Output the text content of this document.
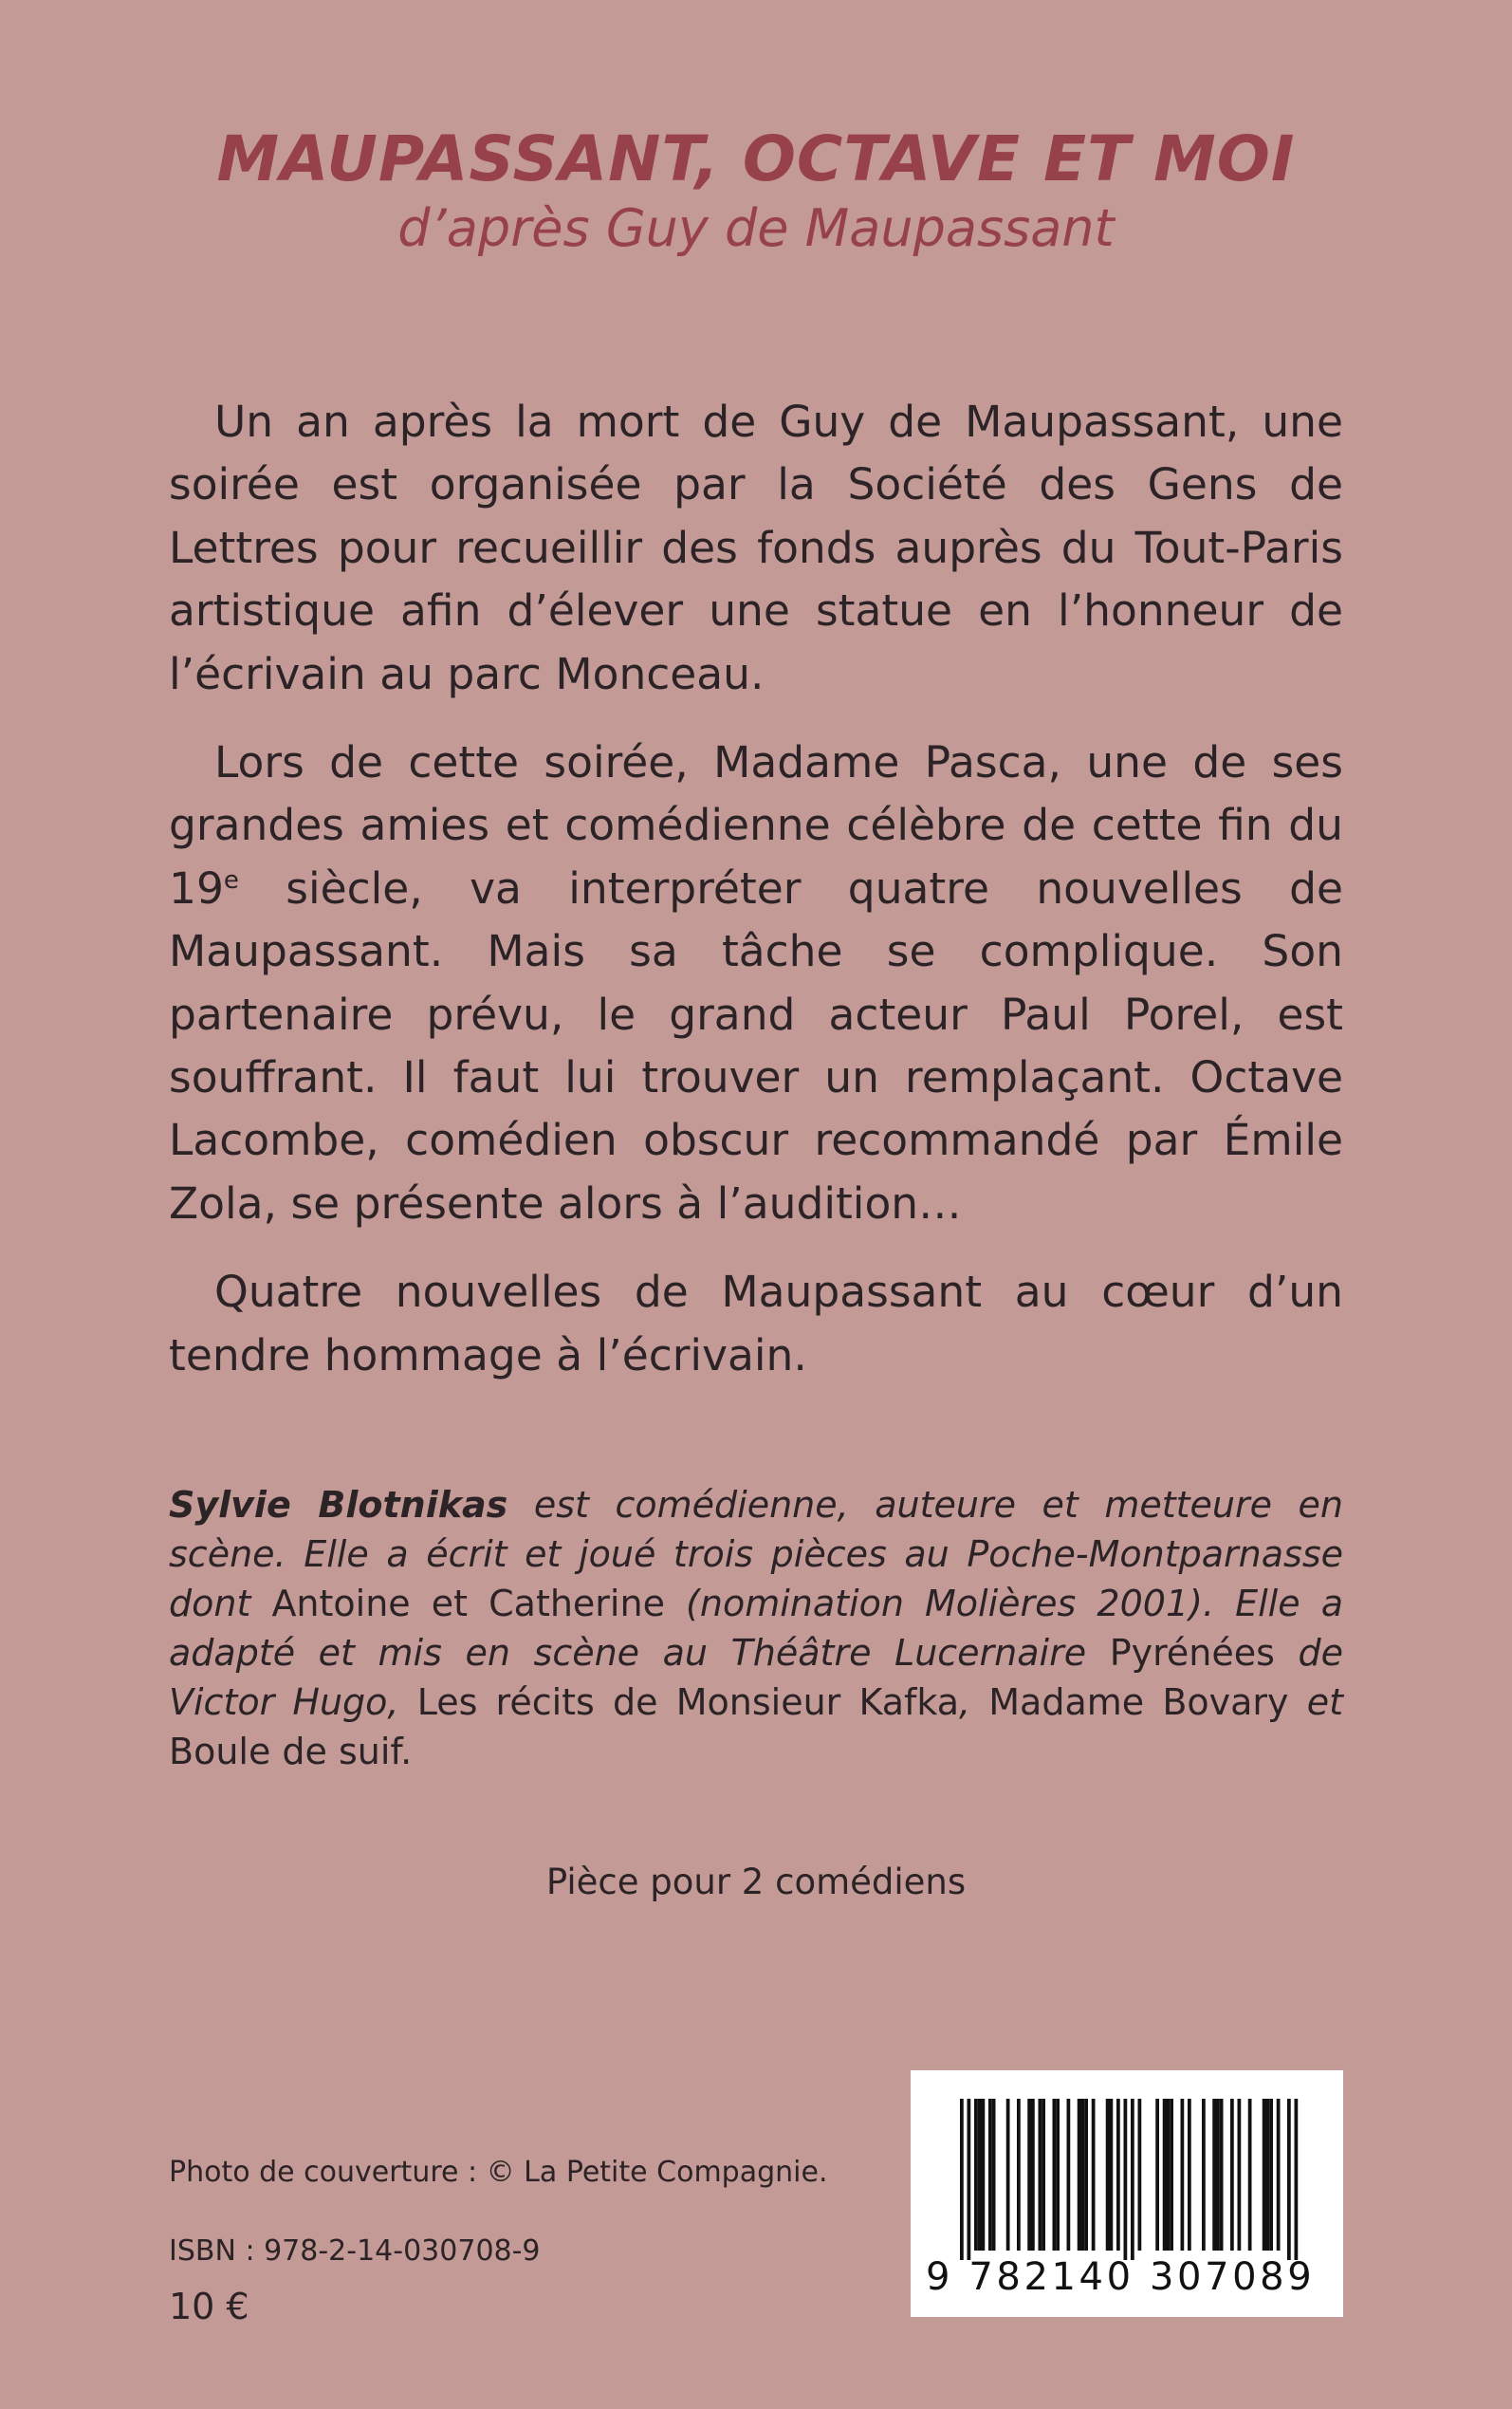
MAUPASSANT, OCTAVE ET MOI
d’après Guy de Maupassant

Un an après la mort de Guy de Maupassant, une soirée est organisée par la Société des Gens de Lettres pour recueillir des fonds auprès du Tout-Paris artistique afin d’élever une statue en l’honneur de l’écrivain au parc Monceau.

Lors de cette soirée, Madame Pasca, une de ses grandes amies et comédienne célèbre de cette fin du 19e siècle, va interpréter quatre nouvelles de Maupassant. Mais sa tâche se complique. Son partenaire prévu, le grand acteur Paul Porel, est souffrant. Il faut lui trouver un remplaçant. Octave Lacombe, comédien obscur recommandé par Émile Zola, se présente alors à l’audition…

Quatre nouvelles de Maupassant au cœur d’un tendre hommage à l’écrivain.

Sylvie Blotnikas est comédienne, auteure et metteure en scène. Elle a écrit et joué trois pièces au Poche-Montparnasse dont Antoine et Catherine (nomination Molières 2001). Elle a adapté et mis en scène au Théâtre Lucernaire Pyrénées de Victor Hugo, Les récits de Monsieur Kafka, Madame Bovary et Boule de suif.
Pièce pour 2 comédiens
Photo de couverture : © La Petite Compagnie.
ISBN : 978-2-14-030708-9
10 €
9 782140 307089
